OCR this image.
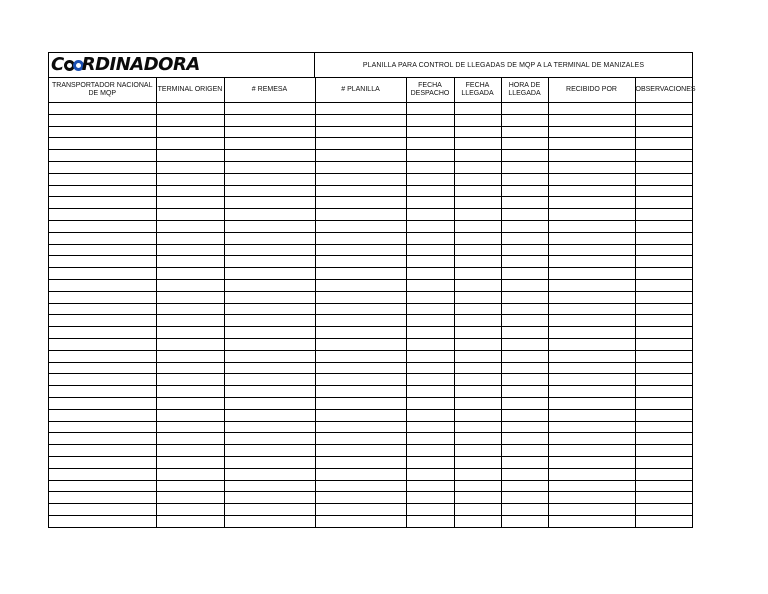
C RDINADORA	PLANILLA PARA CONTROL DE LLEGADAS DE MQP A LA TERMINAL DE MANIZALES
TRANSPORTADOR NACIONAL DE MQP	TERMINAL ORIGEN	# REMESA	# PLANILLA	FECHA DESPACHO	FECHA LLEGADA	HORA DE LLEGADA	RECIBIDO POR	OBSERVACIONES
